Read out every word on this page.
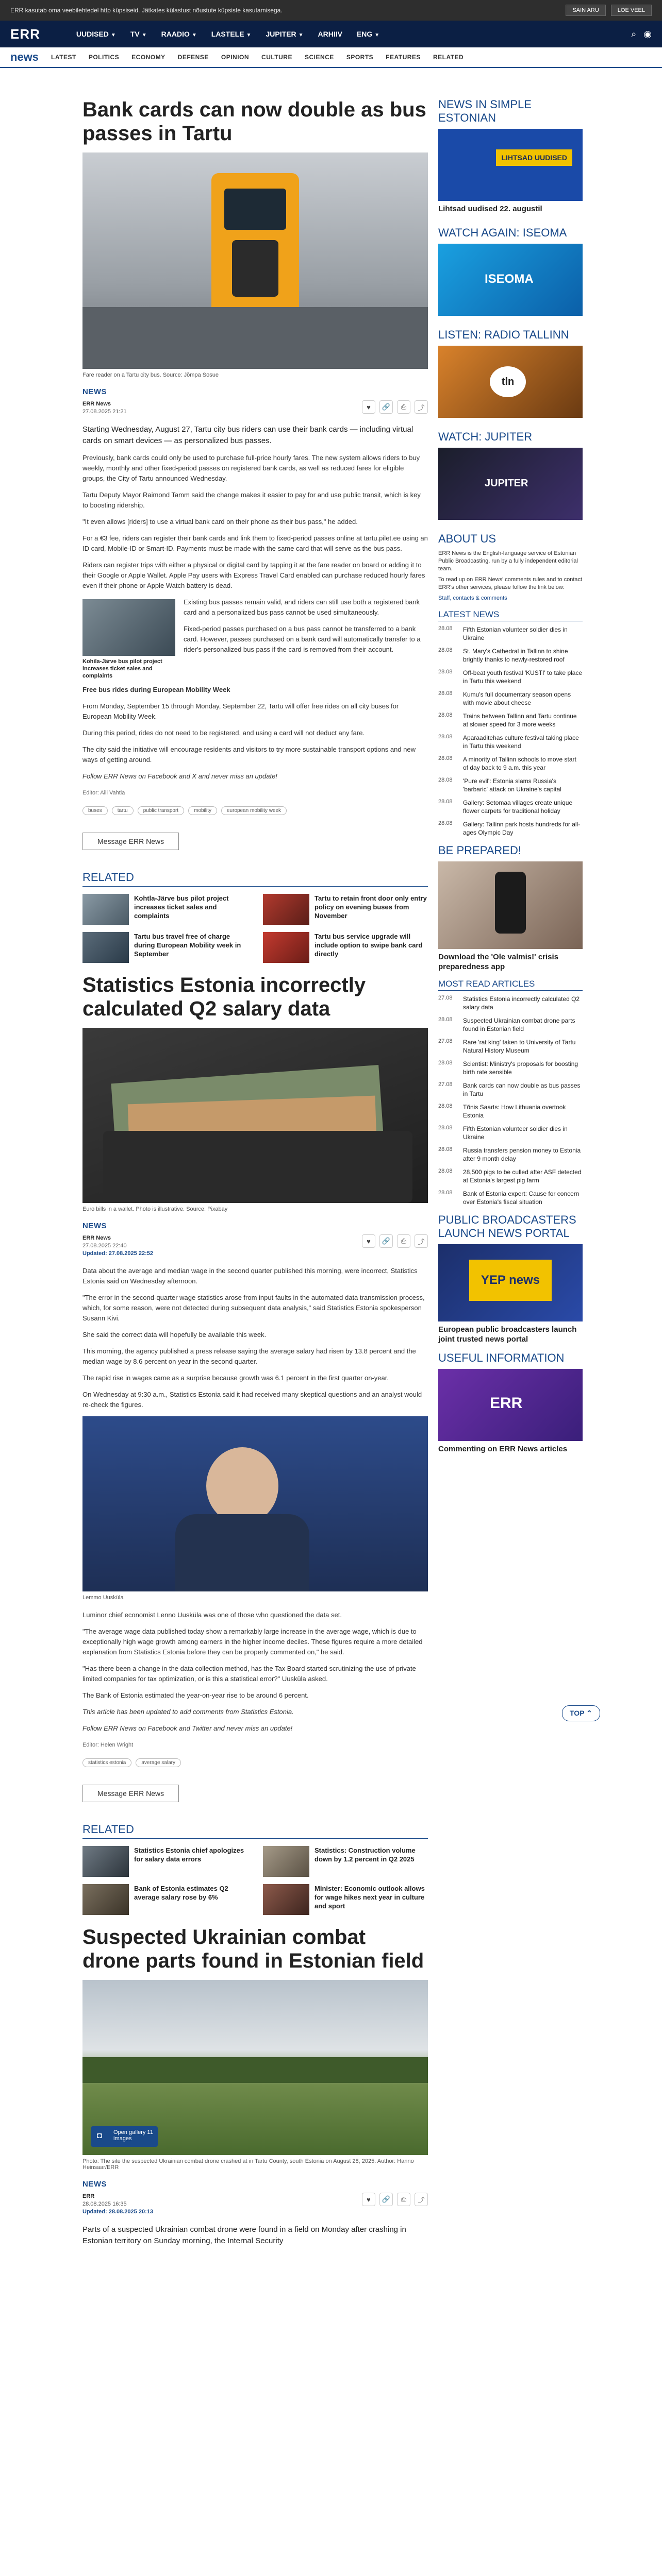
ERR kasutab oma veebilehtedel http küpsiseid. Jätkates külastust nõustute küpsiste kasutamisega.	SAIN ARU	LOE VEEL
ERR	UUDISED ▼ TV ▼ RAADIO ▼ LASTELE ▼ JUPITER ▼ ARHIIV ENG ▼	⌕ ◉
news LATEST POLITICS ECONOMY DEFENSE OPINION CULTURE SCIENCE SPORTS FEATURES RELATED
Bank cards can now double as bus passes in Tartu
Fare reader on a Tartu city bus. Source: Jõmpa Sosue
NEWS
ERR News
27.08.2025 21:21
♥	🔗	⎙	⤴

Starting Wednesday, August 27, Tartu city bus riders can use their bank cards — including virtual cards on smart devices — as personalized bus passes.

Previously, bank cards could only be used to purchase full-price hourly fares. The new system allows riders to buy weekly, monthly and other fixed-period passes on registered bank cards, as well as reduced fares for eligible groups, the City of Tartu announced Wednesday.

Tartu Deputy Mayor Raimond Tamm said the change makes it easier to pay for and use public transit, which is key to boosting ridership.

"It even allows [riders] to use a virtual bank card on their phone as their bus pass," he added.

For a €3 fee, riders can register their bank cards and link them to fixed-period passes online at tartu.pilet.ee using an ID card, Mobile-ID or Smart-ID. Payments must be made with the same card that will serve as the bus pass.

Riders can register trips with either a physical or digital card by tapping it at the fare reader on board or adding it to their Google or Apple Wallet. Apple Pay users with Express Travel Card enabled can purchase reduced hourly fares even if their phone or Apple Watch battery is dead.

Kohila-Järve bus pilot project increases ticket sales and complaints

Existing bus passes remain valid, and riders can still use both a registered bank card and a personalized bus pass cannot be used simultaneously.

Fixed-period passes purchased on a bus pass cannot be transferred to a bank card. However, passes purchased on a bank card will automatically transfer to a rider's personalized bus pass if the card is removed from their account.

Free bus rides during European Mobility Week

From Monday, September 15 through Monday, September 22, Tartu will offer free rides on all city buses for European Mobility Week.

During this period, rides do not need to be registered, and using a card will not deduct any fare.

The city said the initiative will encourage residents and visitors to try more sustainable transport options and new ways of getting around.

Follow ERR News on Facebook and X and never miss an update!

Editor: Aili Vahtla

buses	tartu	public transport	mobility	european mobility week
Message ERR News
RELATED
Kohtla-Järve bus pilot project increases ticket sales and complaints
Tartu to retain front door only entry policy on evening buses from November
Tartu bus travel free of charge during European Mobility week in September
Tartu bus service upgrade will include option to swipe bank card directly
Statistics Estonia incorrectly calculated Q2 salary data
Euro bills in a wallet. Photo is illustrative. Source: Pixabay
NEWS
ERR News
27.08.2025 22:40
Updated: 27.08.2025 22:52
♥	🔗	⎙	⤴

Data about the average and median wage in the second quarter published this morning, were incorrect, Statistics Estonia said on Wednesday afternoon.

"The error in the second-quarter wage statistics arose from input faults in the automated data transmission process, which, for some reason, were not detected during subsequent data analysis," said Statistics Estonia spokesperson Susann Kivi.

She said the correct data will hopefully be available this week.

This morning, the agency published a press release saying the average salary had risen by 13.8 percent and the median wage by 8.6 percent on year in the second quarter.

The rapid rise in wages came as a surprise because growth was 6.1 percent in the first quarter on-year.

On Wednesday at 9:30 a.m., Statistics Estonia said it had received many skeptical questions and an analyst would re-check the figures.

Lemmo Uusküla

Luminor chief economist Lenno Uusküla was one of those who questioned the data set.

"The average wage data published today show a remarkably large increase in the average wage, which is due to exceptionally high wage growth among earners in the higher income deciles. These figures require a more detailed explanation from Statistics Estonia before they can be properly commented on," he said.

"Has there been a change in the data collection method, has the Tax Board started scrutinizing the use of private limited companies for tax optimization, or is this a statistical error?" Uusküla asked.

The Bank of Estonia estimated the year-on-year rise to be around 6 percent.

This article has been updated to add comments from Statistics Estonia.

Follow ERR News on Facebook and Twitter and never miss an update!

Editor: Helen Wright

statistics estonia	average salary
Message ERR News
RELATED
Statistics Estonia chief apologizes for salary data errors
Statistics: Construction volume down by 1.2 percent in Q2 2025
Bank of Estonia estimates Q2 average salary rose by 6%
Minister: Economic outlook allows for wage hikes next year in culture and sport
Suspected Ukrainian combat drone parts found in Estonian field
◘ Open gallery 11 images
Photo: The site the suspected Ukrainian combat drone crashed at in Tartu County, south Estonia on August 28, 2025. Author: Hanno Heinsaar/ERR
NEWS
ERR
28.08.2025 16:35
Updated: 28.08.2025 20:13
♥	🔗	⎙	⤴

Parts of a suspected Ukrainian combat drone were found in a field on Monday after crashing in Estonian territory on Sunday morning, the Internal Security

NEWS IN SIMPLE ESTONIAN
LIHTSAD UUDISED
Lihtsad uudised 22. augustil
WATCH AGAIN: ISEOMA
ISEOMA
LISTEN: RADIO TALLINN
tln
WATCH: JUPITER
JUPITER
ABOUT US

ERR News is the English-language service of Estonian Public Broadcasting, run by a fully independent editorial team.

To read up on ERR News' comments rules and to contact ERR's other services, please follow the link below:

Staff, contacts & comments

LATEST NEWS
28.08	Fifth Estonian volunteer soldier dies in Ukraine
28.08	St. Mary's Cathedral in Tallinn to shine brightly thanks to newly-restored roof
28.08	Off-beat youth festival 'KUSTI' to take place in Tartu this weekend
28.08	Kumu's full documentary season opens with movie about cheese
28.08	Trains between Tallinn and Tartu continue at slower speed for 3 more weeks
28.08	Aparaaditehas culture festival taking place in Tartu this weekend
28.08	A minority of Tallinn schools to move start of day back to 9 a.m. this year
28.08	'Pure evil': Estonia slams Russia's 'barbaric' attack on Ukraine's capital
28.08	Gallery: Setomaa villages create unique flower carpets for traditional holiday
28.08	Gallery: Tallinn park hosts hundreds for all-ages Olympic Day
BE PREPARED!
Download the 'Ole valmis!' crisis preparedness app
MOST READ ARTICLES
27.08	Statistics Estonia incorrectly calculated Q2 salary data
28.08	Suspected Ukrainian combat drone parts found in Estonian field
27.08	Rare 'rat king' taken to University of Tartu Natural History Museum
28.08	Scientist: Ministry's proposals for boosting birth rate sensible
27.08	Bank cards can now double as bus passes in Tartu
28.08	Tõnis Saarts: How Lithuania overtook Estonia
28.08	Fifth Estonian volunteer soldier dies in Ukraine
28.08	Russia transfers pension money to Estonia after 9 month delay
28.08	28,500 pigs to be culled after ASF detected at Estonia's largest pig farm
28.08	Bank of Estonia expert: Cause for concern over Estonia's fiscal situation
PUBLIC BROADCASTERS LAUNCH NEWS PORTAL
YEP news
European public broadcasters launch joint trusted news portal
USEFUL INFORMATION
ERR
Commenting on ERR News articles
TOP ⌃
